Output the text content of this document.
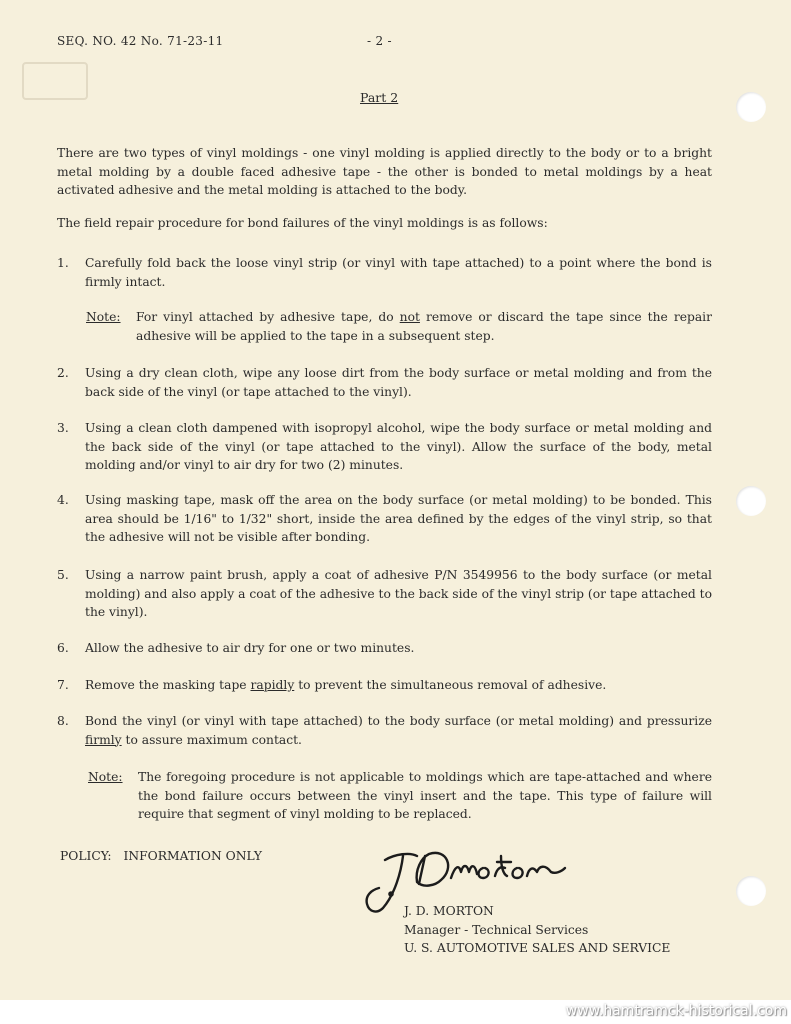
SEQ. NO. 42 No. 71-23-11	- 2 -
Part 2

There are two types of vinyl moldings - one vinyl molding is applied directly to the body or to a bright metal molding by a double faced adhesive tape - the other is bonded to metal moldings by a heat activated adhesive and the metal molding is attached to the body.

The field repair procedure for bond failures of the vinyl moldings is as follows:
1. Carefully fold back the loose vinyl strip (or vinyl with tape attached) to a point where the bond is firmly intact.
Note: For vinyl attached by adhesive tape, do not remove or discard the tape since the repair adhesive will be applied to the tape in a subsequent step.
2. Using a dry clean cloth, wipe any loose dirt from the body surface or metal molding and from the back side of the vinyl (or tape attached to the vinyl).
3. Using a clean cloth dampened with isopropyl alcohol, wipe the body surface or metal molding and the back side of the vinyl (or tape attached to the vinyl). Allow the surface of the body, metal molding and/or vinyl to air dry for two (2) minutes.
4. Using masking tape, mask off the area on the body surface (or metal molding) to be bonded. This area should be 1/16" to 1/32" short, inside the area defined by the edges of the vinyl strip, so that the adhesive will not be visible after bonding.
5. Using a narrow paint brush, apply a coat of adhesive P/N 3549956 to the body surface (or metal molding) and also apply a coat of the adhesive to the back side of the vinyl strip (or tape attached to the vinyl).
6. Allow the adhesive to air dry for one or two minutes.
7. Remove the masking tape rapidly to prevent the simultaneous removal of adhesive.
8. Bond the vinyl (or vinyl with tape attached) to the body surface (or metal molding) and pressurize firmly to assure maximum contact.
Note: The foregoing procedure is not applicable to moldings which are tape-attached and where the bond failure occurs between the vinyl insert and the tape. This type of failure will require that segment of vinyl molding to be replaced.
POLICY: INFORMATION ONLY
J. D. MORTON
Manager - Technical Services
U. S. AUTOMOTIVE SALES AND SERVICE
www.hamtramck-historical.com
